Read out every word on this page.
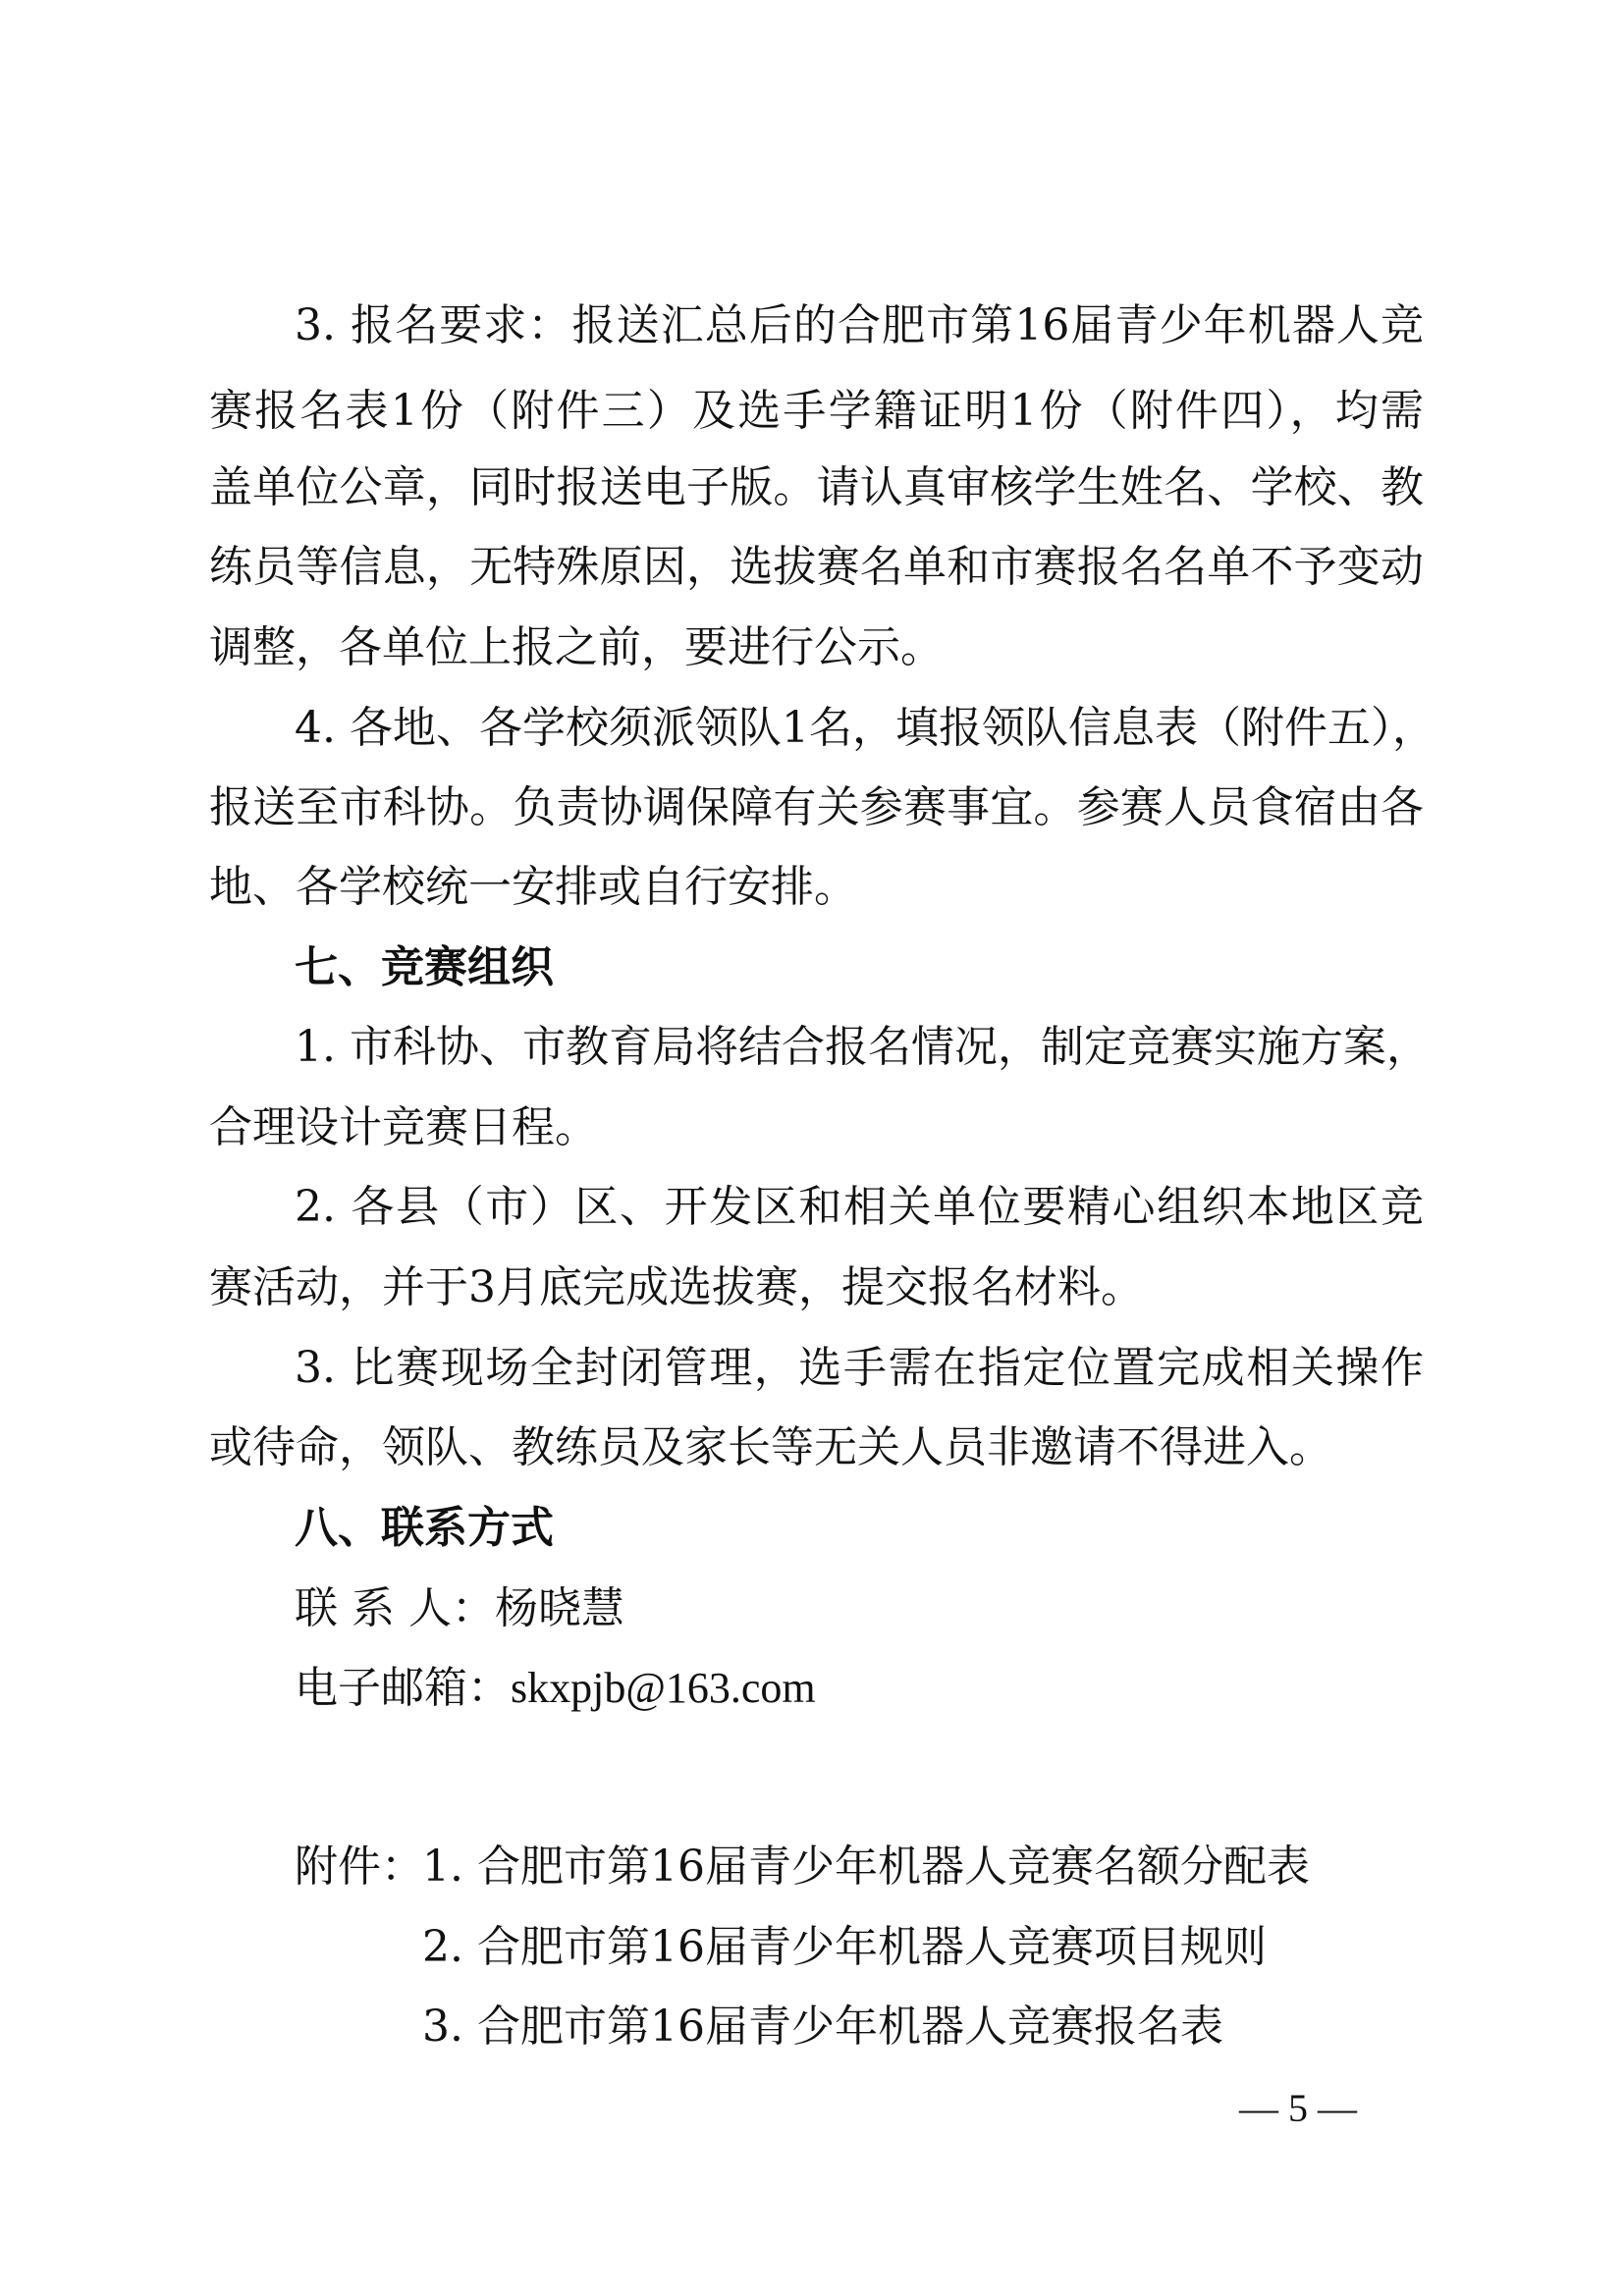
3. 报名要求：报送汇总后的合肥市第16届青少年机器人竞
赛报名表1份（附件三）及选手学籍证明1份（附件四），均需
盖单位公章，同时报送电子版。请认真审核学生姓名、学校、教
练员等信息，无特殊原因，选拔赛名单和市赛报名名单不予变动
调整，各单位上报之前，要进行公示。
4. 各地、各学校须派领队1名，填报领队信息表（附件五），
报送至市科协。负责协调保障有关参赛事宜。参赛人员食宿由各
地、各学校统一安排或自行安排。
七、竞赛组织
1. 市科协、市教育局将结合报名情况，制定竞赛实施方案，
合理设计竞赛日程。
2. 各县（市）区、开发区和相关单位要精心组织本地区竞
赛活动，并于3月底完成选拔赛，提交报名材料。
3. 比赛现场全封闭管理，选手需在指定位置完成相关操作
或待命，领队、教练员及家长等无关人员非邀请不得进入。
八、联系方式
联 系 人：杨晓慧
电子邮箱：skxpjb@163.com
附件：
1. 合肥市第16届青少年机器人竞赛名额分配表
2. 合肥市第16届青少年机器人竞赛项目规则
3. 合肥市第16届青少年机器人竞赛报名表
— 5 —
